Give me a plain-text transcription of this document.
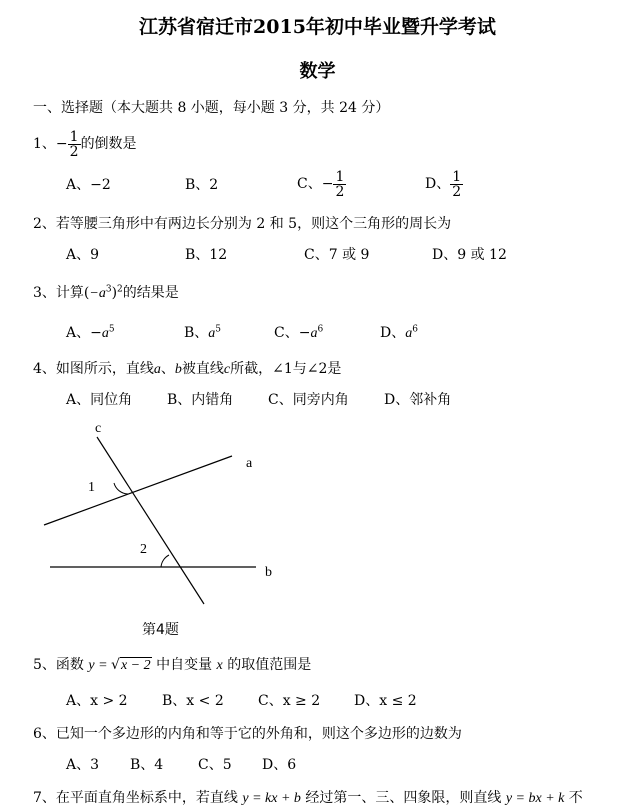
江苏省宿迁市2015年初中毕业暨升学考试
数学
一、选择题（本大题共 8 小题，每小题 3 分，共 24 分）
1、− $\frac{1}{2}$ 的倒数是
A、−2	B、2	C、− $\frac{1}{2}$	D、 $\frac{1}{2}$
2、若等腰三角形中有两边长分别为 2 和 5，则这个三角形的周长为
A、9	B、12	C、7 或 9	D、9 或 12
3、计算$(-a^3)^2$的结果是
A、$-a^5$	B、$a^5$	C、$-a^6$	D、$a^6$
4、如图所示，直线a、b被直线c所截，∠1与∠2是
A、同位角 B、内错角 C、同旁内角	D、邻补角
c
a
b
1
2
第4题
5、函数 y = √x − 2 中自变量 x 的取值范围是
A、x > 2 B、x < 2 C、x ≥ 2 D、x ≤ 2
6、已知一个多边形的内角和等于它的外角和，则这个多边形的边数为
A、3 B、4 C、5 D、6
7、在平面直角坐标系中，若直线 y = kx + b 经过第一、三、四象限，则直线 y = bx + k 不
